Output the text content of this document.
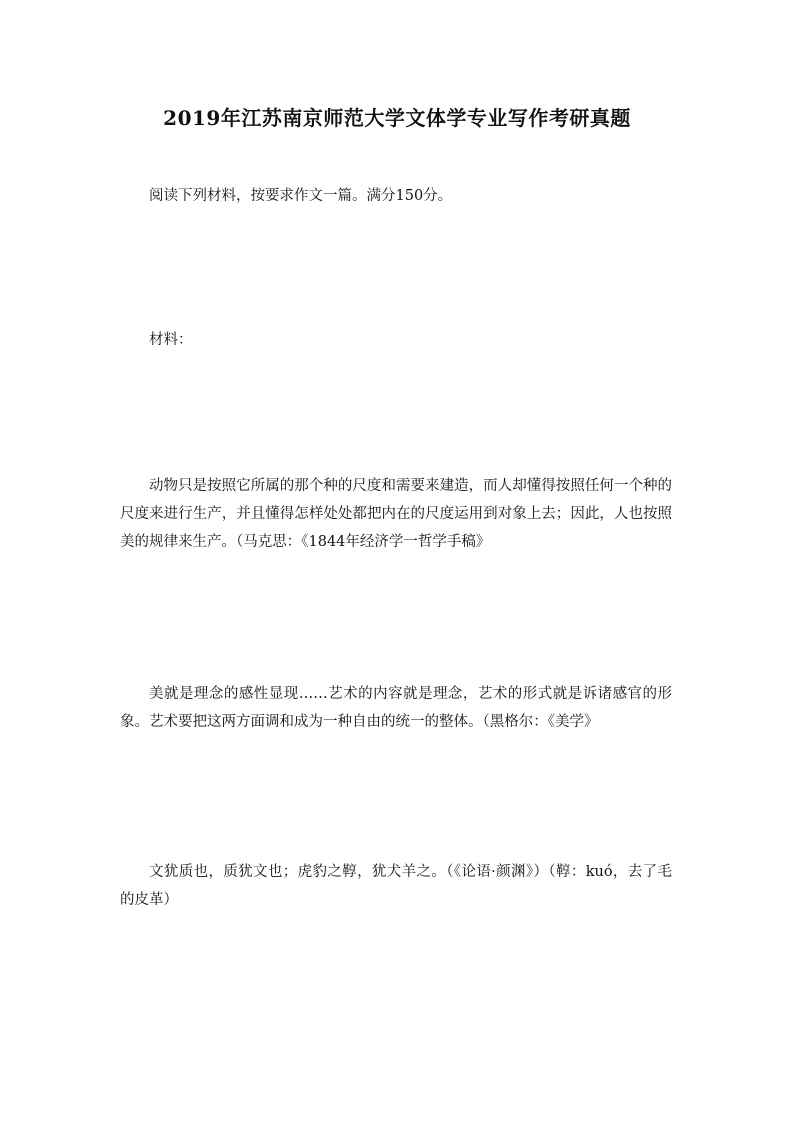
2019年江苏南京师范大学文体学专业写作考研真题

阅读下列材料，按要求作文一篇。满分150分。

材料：

动物只是按照它所属的那个种的尺度和需要来建造，而人却懂得按照任何一个种的尺度来进行生产，并且懂得怎样处处都把内在的尺度运用到对象上去；因此，人也按照美的规律来生产。（马克思：《1844年经济学一哲学手稿》

美就是理念的感性显现……艺术的内容就是理念，艺术的形式就是诉诸感官的形象。艺术要把这两方面调和成为一种自由的统一的整体。（黑格尔：《美学》

文犹质也，质犹文也；虎豹之鞟，犹犬羊之。（《论语·颜渊》）（鞟：kuó，去了毛的皮革）
